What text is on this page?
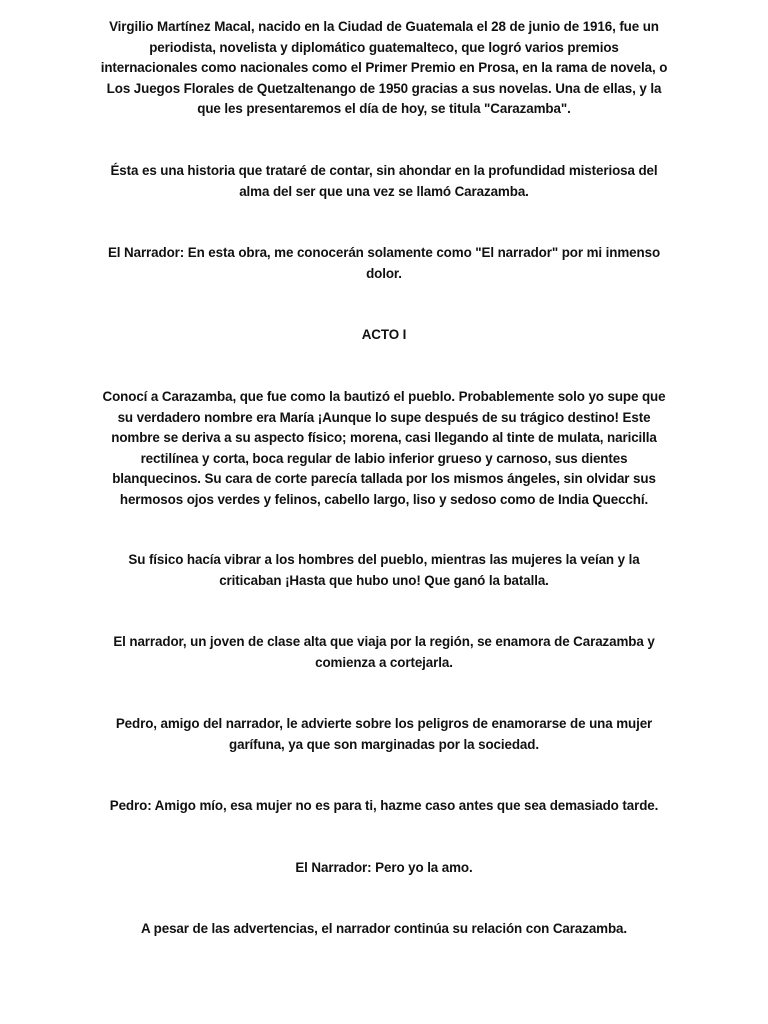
Virgilio Martínez Macal, nacido en la Ciudad de Guatemala el 28 de junio de 1916, fue un periodista, novelista y diplomático guatemalteco, que logró varios premios internacionales como nacionales como el Primer Premio en Prosa, en la rama de novela, o Los Juegos Florales de Quetzaltenango de 1950 gracias a sus novelas. Una de ellas, y la que les presentaremos el día de hoy, se titula "Carazamba".

Ésta es una historia que trataré de contar, sin ahondar en la profundidad misteriosa del alma del ser que una vez se llamó Carazamba.

El Narrador: En esta obra, me conocerán solamente como "El narrador" por mi inmenso dolor.

ACTO I

Conocí a Carazamba, que fue como la bautizó el pueblo. Probablemente solo yo supe que su verdadero nombre era María ¡Aunque lo supe después de su trágico destino! Este nombre se deriva a su aspecto físico; morena, casi llegando al tinte de mulata, naricilla rectilínea y corta, boca regular de labio inferior grueso y carnoso, sus dientes blanquecinos. Su cara de corte parecía tallada por los mismos ángeles, sin olvidar sus hermosos ojos verdes y felinos, cabello largo, liso y sedoso como de India Quecchí.

Su físico hacía vibrar a los hombres del pueblo, mientras las mujeres la veían y la criticaban ¡Hasta que hubo uno! Que ganó la batalla.

El narrador, un joven de clase alta que viaja por la región, se enamora de Carazamba y comienza a cortejarla.

Pedro, amigo del narrador, le advierte sobre los peligros de enamorarse de una mujer garífuna, ya que son marginadas por la sociedad.

Pedro: Amigo mío, esa mujer no es para ti, hazme caso antes que sea demasiado tarde.

El Narrador: Pero yo la amo.

A pesar de las advertencias, el narrador continúa su relación con Carazamba.
